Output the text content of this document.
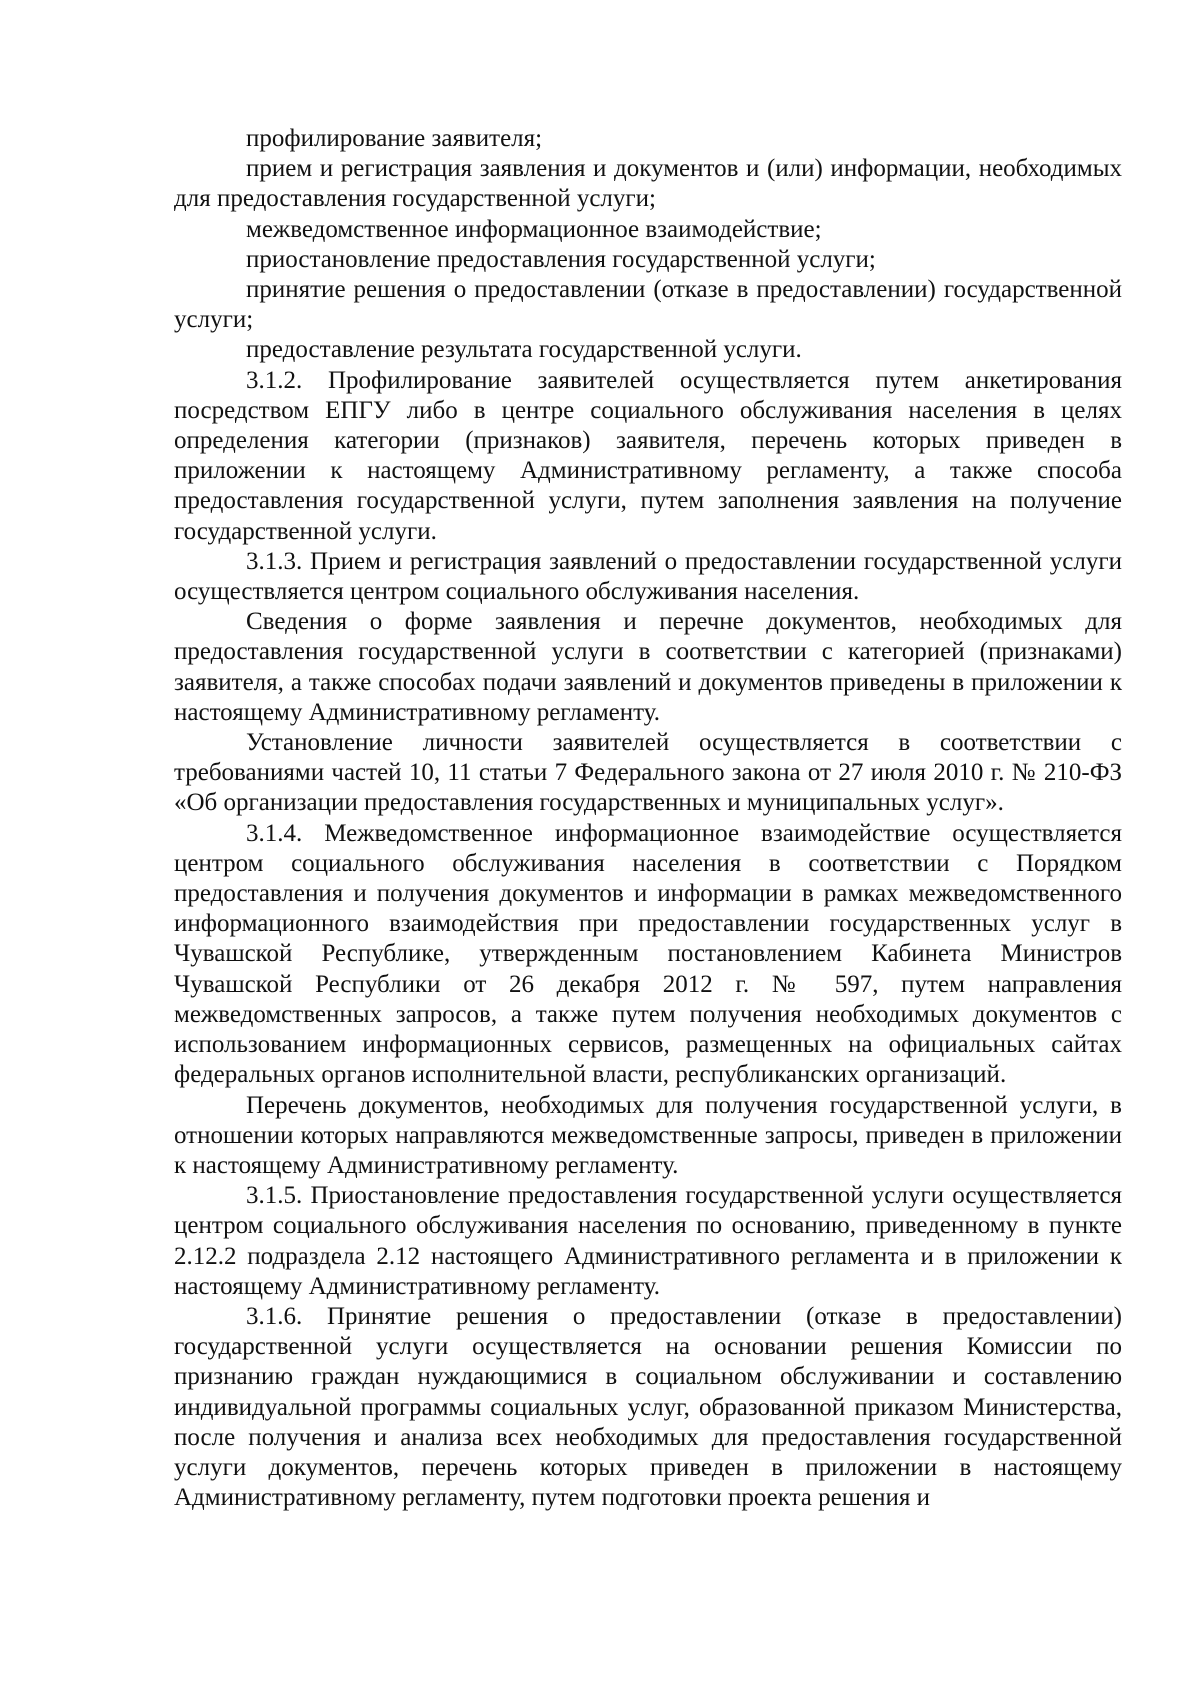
профилирование заявителя;

прием и регистрация заявления и документов и (или) информации, необходимых для предоставления государственной услуги;

межведомственное информационное взаимодействие;

приостановление предоставления государственной услуги;

принятие решения о предоставлении (отказе в предоставлении) государственной услуги;

предоставление результата государственной услуги.

3.1.2. Профилирование заявителей осуществляется путем анкетирования посредством ЕПГУ либо в центре социального обслуживания населения в целях определения категории (признаков) заявителя, перечень которых приведен в приложении к настоящему Административному регламенту, а также способа предоставления государственной услуги, путем заполнения заявления на получение государственной услуги.

3.1.3. Прием и регистрация заявлений о предоставлении государственной услуги осуществляется центром социального обслуживания населения.

Сведения о форме заявления и перечне документов, необходимых для предоставления государственной услуги в соответствии с категорией (признаками) заявителя, а также способах подачи заявлений и документов приведены в приложении к настоящему Административному регламенту.

Установление личности заявителей осуществляется в соответствии с требованиями частей 10, 11 статьи 7 Федерального закона от 27 июля 2010 г. № 210-ФЗ «Об организации предоставления государственных и муниципальных услуг».

3.1.4. Межведомственное информационное взаимодействие осуществляется центром социального обслуживания населения в соответствии с Порядком предоставления и получения документов и информации в рамках межведомственного информационного взаимодействия при предоставлении государственных услуг в Чувашской Республике, утвержденным постановлением Кабинета Министров Чувашской Республики от 26 декабря 2012 г. № 597, путем направления межведомственных запросов, а также путем получения необходимых документов с использованием информационных сервисов, размещенных на официальных сайтах федеральных органов исполнительной власти, республиканских организаций.

Перечень документов, необходимых для получения государственной услуги, в отношении которых направляются межведомственные запросы, приведен в приложении к настоящему Административному регламенту.

3.1.5. Приостановление предоставления государственной услуги осуществляется центром социального обслуживания населения по основанию, приведенному в пункте 2.12.2 подраздела 2.12 настоящего Административного регламента и в приложении к настоящему Административному регламенту.

3.1.6. Принятие решения о предоставлении (отказе в предоставлении) государственной услуги осуществляется на основании решения Комиссии по признанию граждан нуждающимися в социальном обслуживании и составлению индивидуальной программы социальных услуг, образованной приказом Министерства, после получения и анализа всех необходимых для предоставления государственной услуги документов, перечень которых приведен в приложении в настоящему Административному регламенту, путем подготовки проекта решения и
